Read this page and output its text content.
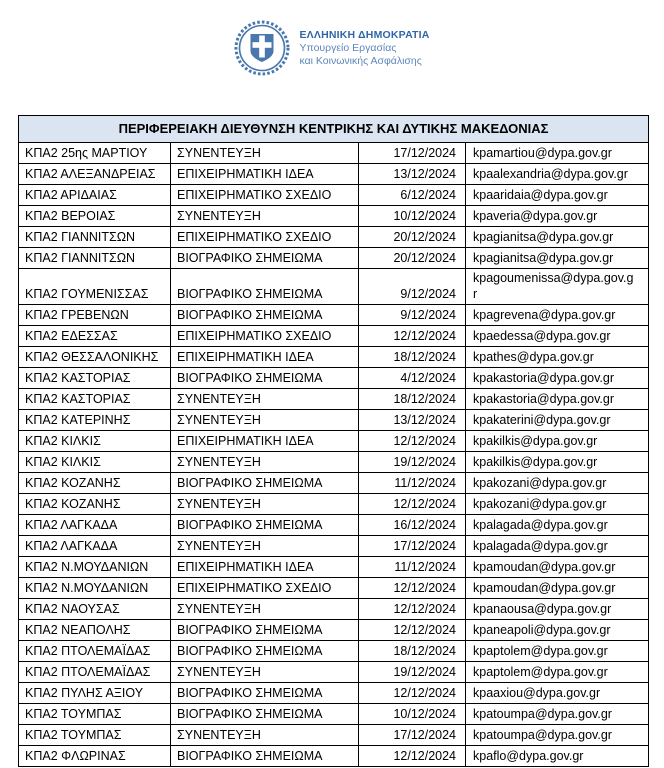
ΕΛΛΗΝΙΚΗ ΔΗΜΟΚΡΑΤΙΑ
Υπουργείο Εργασίας
και Κοινωνικής Ασφάλισης
ΠΕΡΙΦΕΡΕΙΑΚΗ ΔΙΕΥΘΥΝΣΗ ΚΕΝΤΡΙΚΗΣ ΚΑΙ ΔΥΤΙΚΗΣ ΜΑΚΕΔΟΝΙΑΣ			
ΚΠΑ2 25ης ΜΑΡΤΙΟΥ	ΣΥΝΕΝΤΕΥΞΗ	17/12/2024	kpamartiou@dypa.gov.gr
ΚΠΑ2 ΑΛΕΞΑΝΔΡΕΙΑΣ	ΕΠΙΧΕΙΡΗΜΑΤΙΚΗ ΙΔΕΑ	13/12/2024	kpaalexandria@dypa.gov.gr
ΚΠΑ2 ΑΡΙΔΑΙΑΣ	ΕΠΙΧΕΙΡΗΜΑΤΙΚΟ ΣΧΕΔΙΟ	6/12/2024	kpaaridaia@dypa.gov.gr
ΚΠΑ2 ΒΕΡΟΙΑΣ	ΣΥΝΕΝΤΕΥΞΗ	10/12/2024	kpaveria@dypa.gov.gr
ΚΠΑ2 ΓΙΑΝΝΙΤΣΩΝ	ΕΠΙΧΕΙΡΗΜΑΤΙΚΟ ΣΧΕΔΙΟ	20/12/2024	kpagianitsa@dypa.gov.gr
ΚΠΑ2 ΓΙΑΝΝΙΤΣΩΝ	ΒΙΟΓΡΑΦΙΚΟ ΣΗΜΕΙΩΜΑ	20/12/2024	kpagianitsa@dypa.gov.gr
ΚΠΑ2 ΓΟΥΜΕΝΙΣΣΑΣ	ΒΙΟΓΡΑΦΙΚΟ ΣΗΜΕΙΩΜΑ	9/12/2024	kpagoumenissa@dypa.gov.gr
ΚΠΑ2 ΓΡΕΒΕΝΩΝ	ΒΙΟΓΡΑΦΙΚΟ ΣΗΜΕΙΩΜΑ	9/12/2024	kpagrevena@dypa.gov.gr
ΚΠΑ2 ΕΔΕΣΣΑΣ	ΕΠΙΧΕΙΡΗΜΑΤΙΚΟ ΣΧΕΔΙΟ	12/12/2024	kpaedessa@dypa.gov.gr
ΚΠΑ2 ΘΕΣΣΑΛΟΝΙΚΗΣ	ΕΠΙΧΕΙΡΗΜΑΤΙΚΗ ΙΔΕΑ	18/12/2024	kpathes@dypa.gov.gr
ΚΠΑ2 ΚΑΣΤΟΡΙΑΣ	ΒΙΟΓΡΑΦΙΚΟ ΣΗΜΕΙΩΜΑ	4/12/2024	kpakastoria@dypa.gov.gr
ΚΠΑ2 ΚΑΣΤΟΡΙΑΣ	ΣΥΝΕΝΤΕΥΞΗ	18/12/2024	kpakastoria@dypa.gov.gr
ΚΠΑ2 ΚΑΤΕΡΙΝΗΣ	ΣΥΝΕΝΤΕΥΞΗ	13/12/2024	kpakaterini@dypa.gov.gr
ΚΠΑ2 ΚΙΛΚΙΣ	ΕΠΙΧΕΙΡΗΜΑΤΙΚΗ ΙΔΕΑ	12/12/2024	kpakilkis@dypa.gov.gr
ΚΠΑ2 ΚΙΛΚΙΣ	ΣΥΝΕΝΤΕΥΞΗ	19/12/2024	kpakilkis@dypa.gov.gr
ΚΠΑ2 ΚΟΖΑΝΗΣ	ΒΙΟΓΡΑΦΙΚΟ ΣΗΜΕΙΩΜΑ	11/12/2024	kpakozani@dypa.gov.gr
ΚΠΑ2 ΚΟΖΑΝΗΣ	ΣΥΝΕΝΤΕΥΞΗ	12/12/2024	kpakozani@dypa.gov.gr
ΚΠΑ2 ΛΑΓΚΑΔΑ	ΒΙΟΓΡΑΦΙΚΟ ΣΗΜΕΙΩΜΑ	16/12/2024	kpalagada@dypa.gov.gr
ΚΠΑ2 ΛΑΓΚΑΔΑ	ΣΥΝΕΝΤΕΥΞΗ	17/12/2024	kpalagada@dypa.gov.gr
ΚΠΑ2 Ν.ΜΟΥΔΑΝΙΩΝ	ΕΠΙΧΕΙΡΗΜΑΤΙΚΗ ΙΔΕΑ	11/12/2024	kpamoudan@dypa.gov.gr
ΚΠΑ2 Ν.ΜΟΥΔΑΝΙΩΝ	ΕΠΙΧΕΙΡΗΜΑΤΙΚΟ ΣΧΕΔΙΟ	12/12/2024	kpamoudan@dypa.gov.gr
ΚΠΑ2 ΝΑΟΥΣΑΣ	ΣΥΝΕΝΤΕΥΞΗ	12/12/2024	kpanaousa@dypa.gov.gr
ΚΠΑ2 ΝΕΑΠΟΛΗΣ	ΒΙΟΓΡΑΦΙΚΟ ΣΗΜΕΙΩΜΑ	12/12/2024	kpaneapoli@dypa.gov.gr
ΚΠΑ2 ΠΤΟΛΕΜΑΪΔΑΣ	ΒΙΟΓΡΑΦΙΚΟ ΣΗΜΕΙΩΜΑ	18/12/2024	kpaptolem@dypa.gov.gr
ΚΠΑ2 ΠΤΟΛΕΜΑΪΔΑΣ	ΣΥΝΕΝΤΕΥΞΗ	19/12/2024	kpaptolem@dypa.gov.gr
ΚΠΑ2 ΠΥΛΗΣ ΑΞΙΟΥ	ΒΙΟΓΡΑΦΙΚΟ ΣΗΜΕΙΩΜΑ	12/12/2024	kpaaxiou@dypa.gov.gr
ΚΠΑ2 ΤΟΥΜΠΑΣ	ΒΙΟΓΡΑΦΙΚΟ ΣΗΜΕΙΩΜΑ	10/12/2024	kpatoumpa@dypa.gov.gr
ΚΠΑ2 ΤΟΥΜΠΑΣ	ΣΥΝΕΝΤΕΥΞΗ	17/12/2024	kpatoumpa@dypa.gov.gr
ΚΠΑ2 ΦΛΩΡΙΝΑΣ	ΒΙΟΓΡΑΦΙΚΟ ΣΗΜΕΙΩΜΑ	12/12/2024	kpaflo@dypa.gov.gr
